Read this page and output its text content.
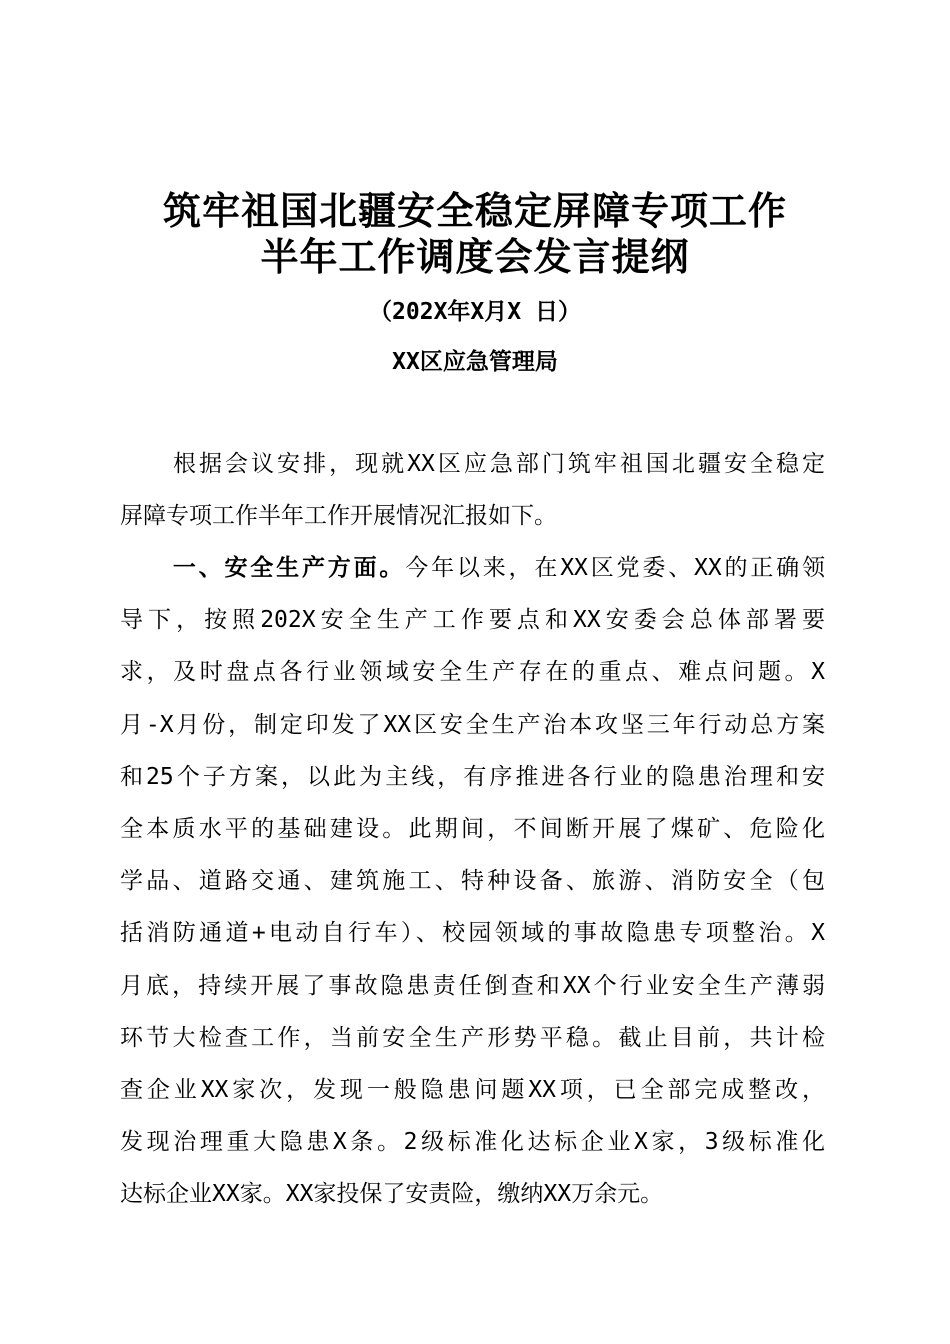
筑牢祖国北疆安全稳定屏障专项工作
半年工作调度会发言提纲
（202X年X月X 日）
XX区应急管理局

根据会议安排，现就XX区应急部门筑牢祖国北疆安全稳定
屏障专项工作半年工作开展情况汇报如下。

一、安全生产方面。今年以来，在XX区党委、XX的正确领
导下，按照202X安全生产工作要点和XX安委会总体部署要
求，及时盘点各行业领域安全生产存在的重点、难点问题。X
月-X月份，制定印发了XX区安全生产治本攻坚三年行动总方案
和25个子方案，以此为主线，有序推进各行业的隐患治理和安
全本质水平的基础建设。此期间，不间断开展了煤矿、危险化
学品、道路交通、建筑施工、特种设备、旅游、消防安全（包
括消防通道+电动自行车）、校园领域的事故隐患专项整治。X
月底，持续开展了事故隐患责任倒查和XX个行业安全生产薄弱
环节大检查工作，当前安全生产形势平稳。截止目前，共计检
查企业XX家次，发现一般隐患问题XX项，已全部完成整改，
发现治理重大隐患X条。2级标准化达标企业X家，3级标准化
达标企业XX家。XX家投保了安责险，缴纳XX万余元。
